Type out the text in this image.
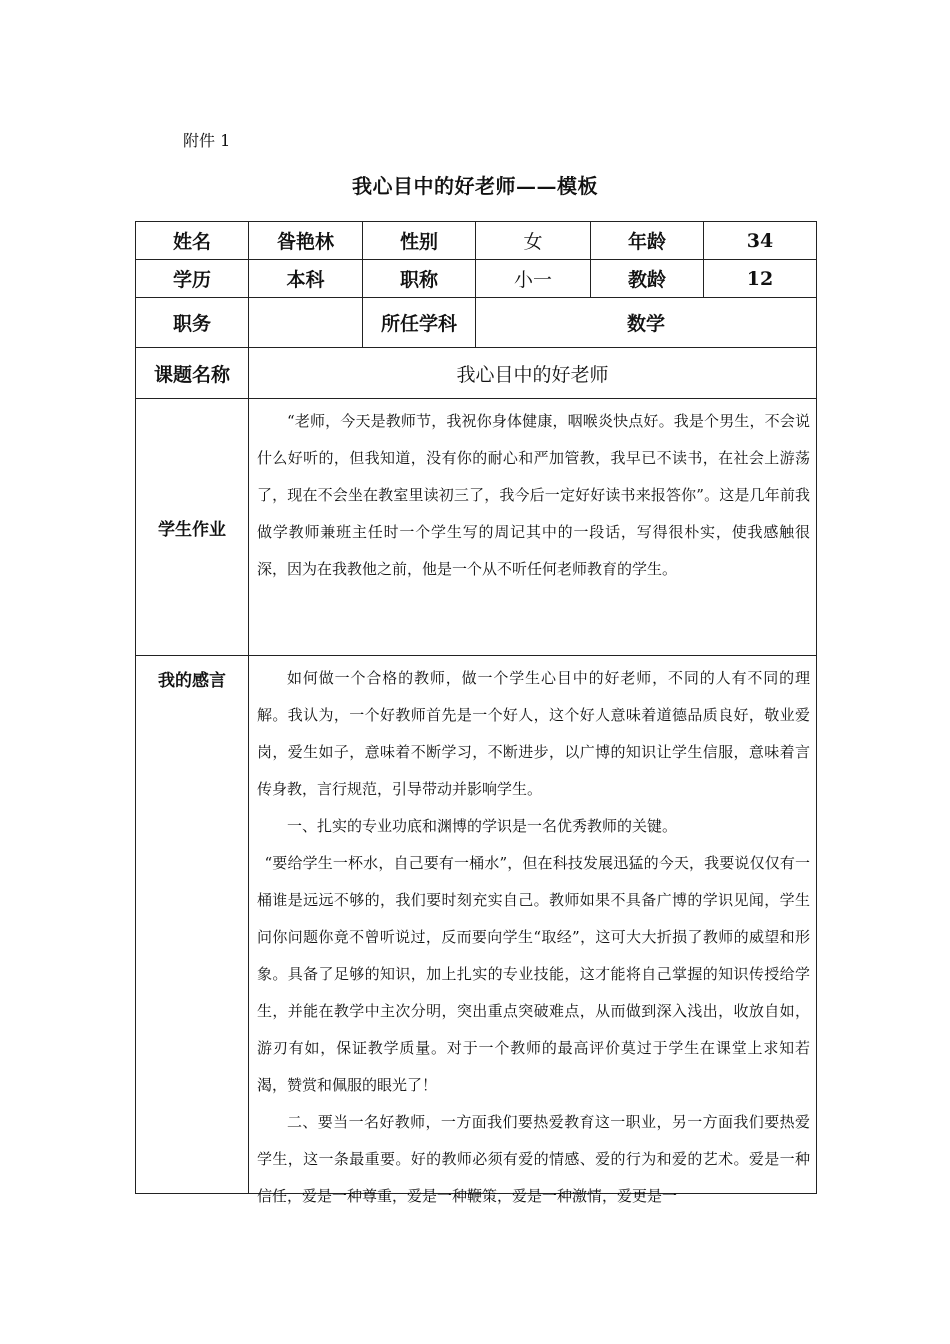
附件 1
我心目中的好老师——模板
姓名	昝艳林	性别	女	年龄	34
学历	本科	职称	小一	教龄	12
职务		所任学科	数学		
课题名称	我心目中的好老师				
学生作业	“老师，今天是教师节，我祝你身体健康，咽喉炎快点好。我是个男生，不会说什么好听的，但我知道，没有你的耐心和严加管教，我早已不读书，在社会上游荡了，现在不会坐在教室里读初三了，我今后一定好好读书来报答你”。这是几年前我做学教师兼班主任时一个学生写的周记其中的一段话，写得很朴实，使我感触很深，因为在我教他之前，他是一个从不听任何老师教育的学生。				

我的感言	如何做一个合格的教师，做一个学生心目中的好老师，不同的人有不同的理解。我认为，一个好教师首先是一个好人，这个好人意味着道德品质良好，敬业爱岗，爱生如子，意味着不断学习，不断进步，以广博的知识让学生信服，意味着言传身教，言行规范，引导带动并影响学生。

一、扎实的专业功底和渊博的学识是一名优秀教师的关键。

“要给学生一杯水，自己要有一桶水”，但在科技发展迅猛的今天，我要说仅仅有一桶谁是远远不够的，我们要时刻充实自己。教师如果不具备广博的学识见闻，学生问你问题你竟不曾听说过，反而要向学生“取经”，这可大大折损了教师的威望和形象。具备了足够的知识，加上扎实的专业技能，这才能将自己掌握的知识传授给学生，并能在教学中主次分明，突出重点突破难点，从而做到深入浅出，收放自如，游刃有如，保证教学质量。对于一个教师的最高评价莫过于学生在课堂上求知若渴，赞赏和佩服的眼光了！

二、要当一名好教师，一方面我们要热爱教育这一职业，另一方面我们要热爱学生，这一条最重要。好的教师必须有爱的情感、爱的行为和爱的艺术。爱是一种信任，爱是一种尊重，爱是一种鞭策，爱是一种激情，爱更是一				
